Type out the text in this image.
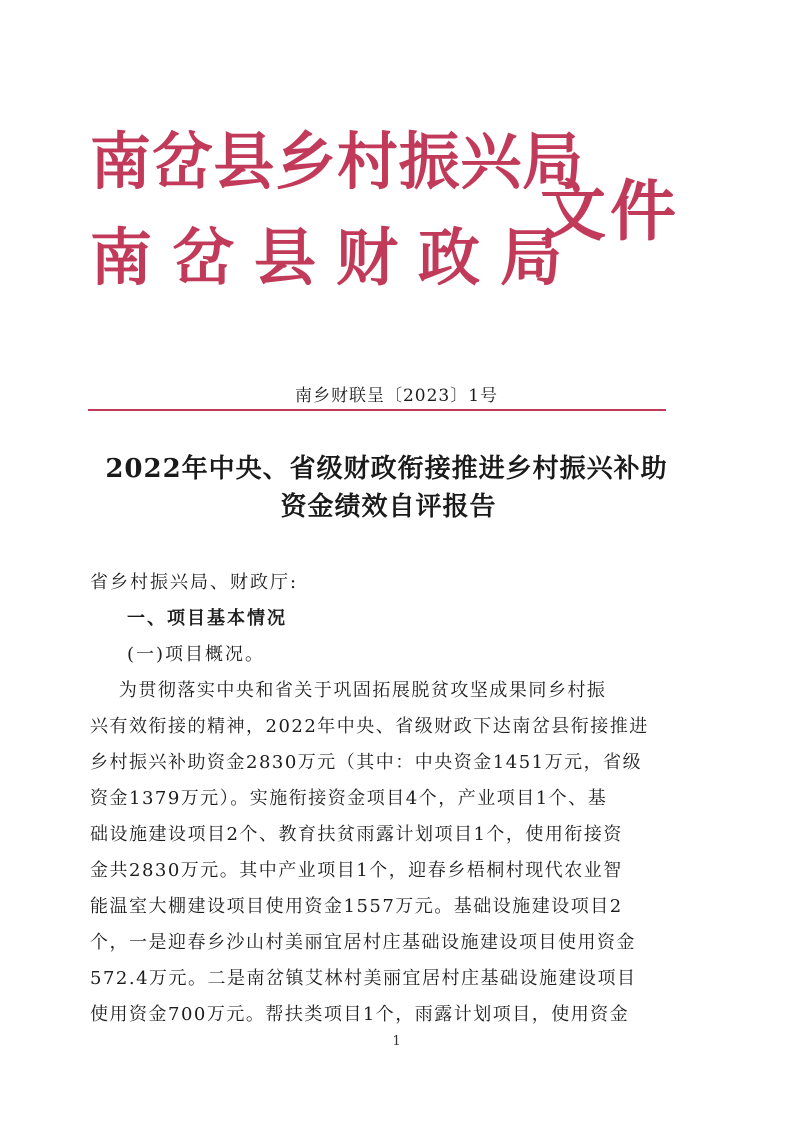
南岔县乡村振兴局
南岔县财政局
文件
南乡财联呈〔2023〕1号
2022年中央、省级财政衔接推进乡村振兴补助
资金绩效自评报告
省乡村振兴局、财政厅:
一、项目基本情况
(一)项目概况。
为贯彻落实中央和省关于巩固拓展脱贫攻坚成果同乡村振
兴有效衔接的精神，2022年中央、省级财政下达南岔县衔接推进
乡村振兴补助资金2830万元（其中：中央资金1451万元，省级
资金1379万元）。实施衔接资金项目4个，产业项目1个、基
础设施建设项目2个、教育扶贫雨露计划项目1个，使用衔接资
金共2830万元。其中产业项目1个，迎春乡梧桐村现代农业智
能温室大棚建设项目使用资金1557万元。基础设施建设项目2
个，一是迎春乡沙山村美丽宜居村庄基础设施建设项目使用资金
572.4万元。二是南岔镇艾林村美丽宜居村庄基础设施建设项目
使用资金700万元。帮扶类项目1个，雨露计划项目，使用资金
1
